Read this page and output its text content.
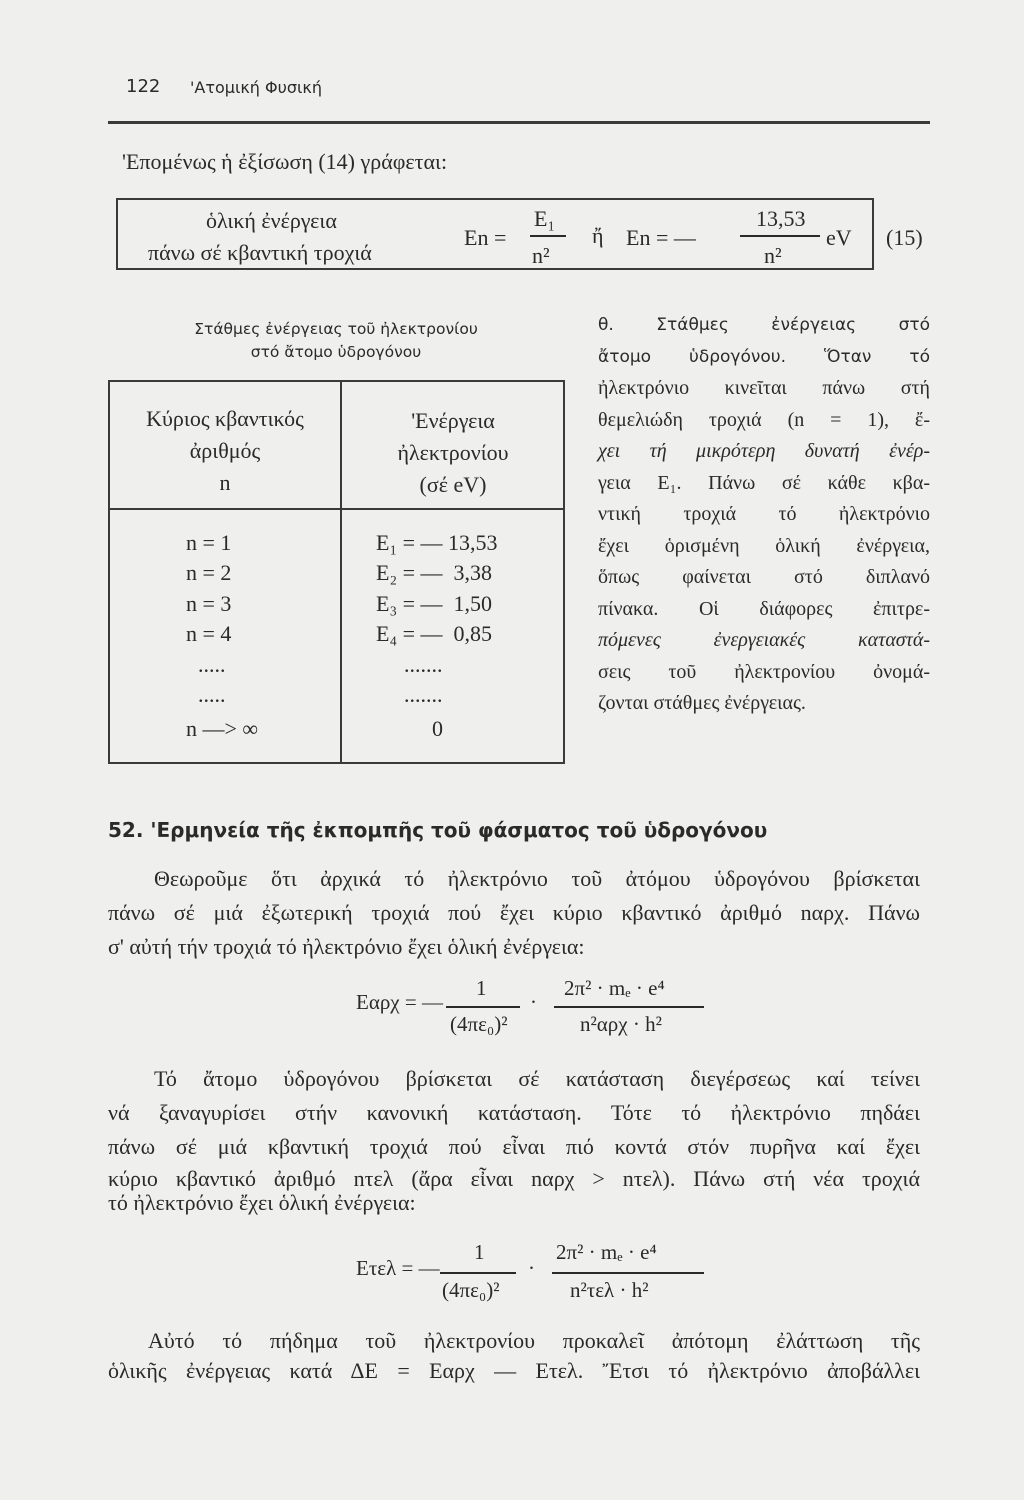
122 'Ατομική Φυσική
'Επομένως ἡ ἐξίσωση (14) γράφεται:
ὁλική ἐνέργεια
πάνω σέ κβαντική τροχιά
En =
E₁
n²
ἤ En = —
13,53
n²
eV (15)
Στάθμες ἐνέργειας τοῦ ἠλεκτρονίου
στό ἄτομο ὑδρογόνου
Κύριος κβαντικός
ἀριθμός
n
'Ενέργεια
ἠλεκτρονίου
(σέ eV)
n = 1	E₁ = — 13,53
n = 2	E₂ = —  3,38
n = 3	E₃ = —  1,50
n = 4	E₄ = —  0,85
.....	.......
.....	.......
n —> ∞	0
θ. Στάθμες ἐνέργειας στό
ἄτομο ὑδρογόνου. Ὅταν τό
ἠλεκτρόνιο κινεῖται πάνω στή
θεμελιώδη τροχιά (n = 1), ἔ-
χει τή μικρότερη δυνατή ἐνέρ-
γεια E₁. Πάνω σέ κάθε κβα-
ντική τροχιά τό ἠλεκτρόνιο
ἔχει ὁρισμένη ὁλική ἐνέργεια,
ὅπως φαίνεται στό διπλανό
πίνακα. Οἱ διάφορες ἐπιτρε-
πόμενες ἐνεργειακές καταστά-
σεις τοῦ ἠλεκτρονίου ὀνομά-
ζονται στάθμες ἐνέργειας.
52. 'Ερμηνεία τῆς ἐκπομπῆς τοῦ φάσματος τοῦ ὑδρογόνου
Θεωροῦμε ὅτι ἀρχικά τό ἠλεκτρόνιο τοῦ ἀτόμου ὑδρογόνου βρίσκεται
πάνω σέ μιά ἐξωτερική τροχιά πού ἔχει κύριο κβαντικό ἀριθμό nαρχ. Πάνω
σ' αὐτή τήν τροχιά τό ἠλεκτρόνιο ἔχει ὁλική ἐνέργεια:
Eαρχ = —
1
(4πε₀)²
·
2π² · mₑ · e⁴
n²αρχ · h²
Τό ἄτομο ὑδρογόνου βρίσκεται σέ κατάσταση διεγέρσεως καί τείνει
νά ξαναγυρίσει στήν κανονική κατάσταση. Τότε τό ἠλεκτρόνιο πηδάει
πάνω σέ μιά κβαντική τροχιά πού εἶναι πιό κοντά στόν πυρῆνα καί ἔχει
κύριο κβαντικό ἀριθμό nτελ (ἄρα εἶναι nαρχ > nτελ). Πάνω στή νέα τροχιά
τό ἠλεκτρόνιο ἔχει ὁλική ἐνέργεια:
Eτελ = —
1
(4πε₀)²
·
2π² · mₑ · e⁴
n²τελ · h²
Αὐτό τό πήδημα τοῦ ἠλεκτρονίου προκαλεῖ ἀπότομη ἐλάττωση τῆς
ὁλικῆς ἐνέργειας κατά ΔE = Eαρχ — Eτελ. Ἔτσι τό ἠλεκτρόνιο ἀποβάλλει
